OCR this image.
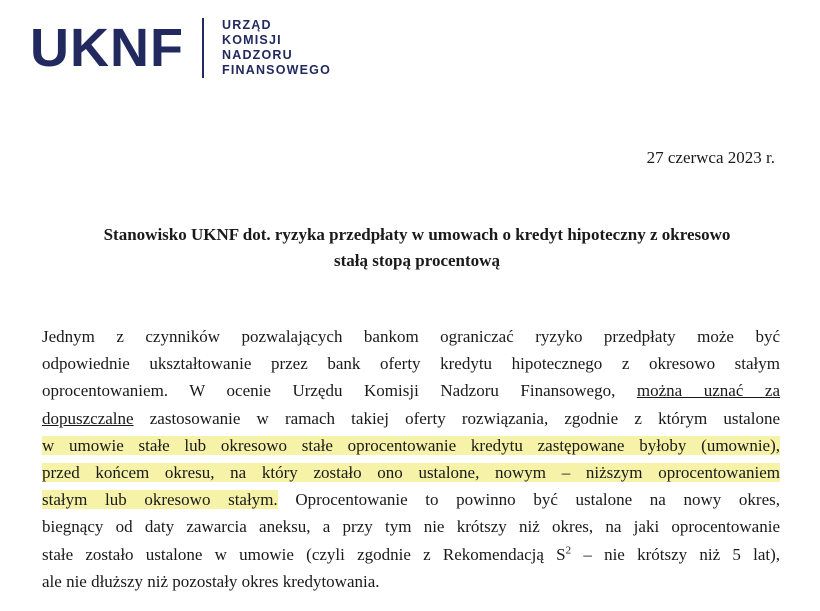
UKNF	URZĄD
KOMISJI
NADZORU
FINANSOWEGO
27 czerwca 2023 r.
Stanowisko UKNF dot. ryzyka przedpłaty w umowach o kredyt hipoteczny z okresowo
stałą stopą procentową

Jednym z czynników pozwalających bankom ograniczać ryzyko przedpłaty może być
odpowiednie ukształtowanie przez bank oferty kredytu hipotecznego z okresowo stałym
oprocentowaniem. W ocenie Urzędu Komisji Nadzoru Finansowego, można uznać za
dopuszczalne zastosowanie w ramach takiej oferty rozwiązania, zgodnie z którym ustalone
w umowie stałe lub okresowo stałe oprocentowanie kredytu zastępowane byłoby (umownie),
przed końcem okresu, na który zostało ono ustalone, nowym – niższym oprocentowaniem
stałym lub okresowo stałym. Oprocentowanie to powinno być ustalone na nowy okres,
biegnący od daty zawarcia aneksu, a przy tym nie krótszy niż okres, na jaki oprocentowanie
stałe zostało ustalone w umowie (czyli zgodnie z Rekomendacją $S^2$ – nie krótszy niż 5 lat),
ale nie dłuższy niż pozostały okres kredytowania.
